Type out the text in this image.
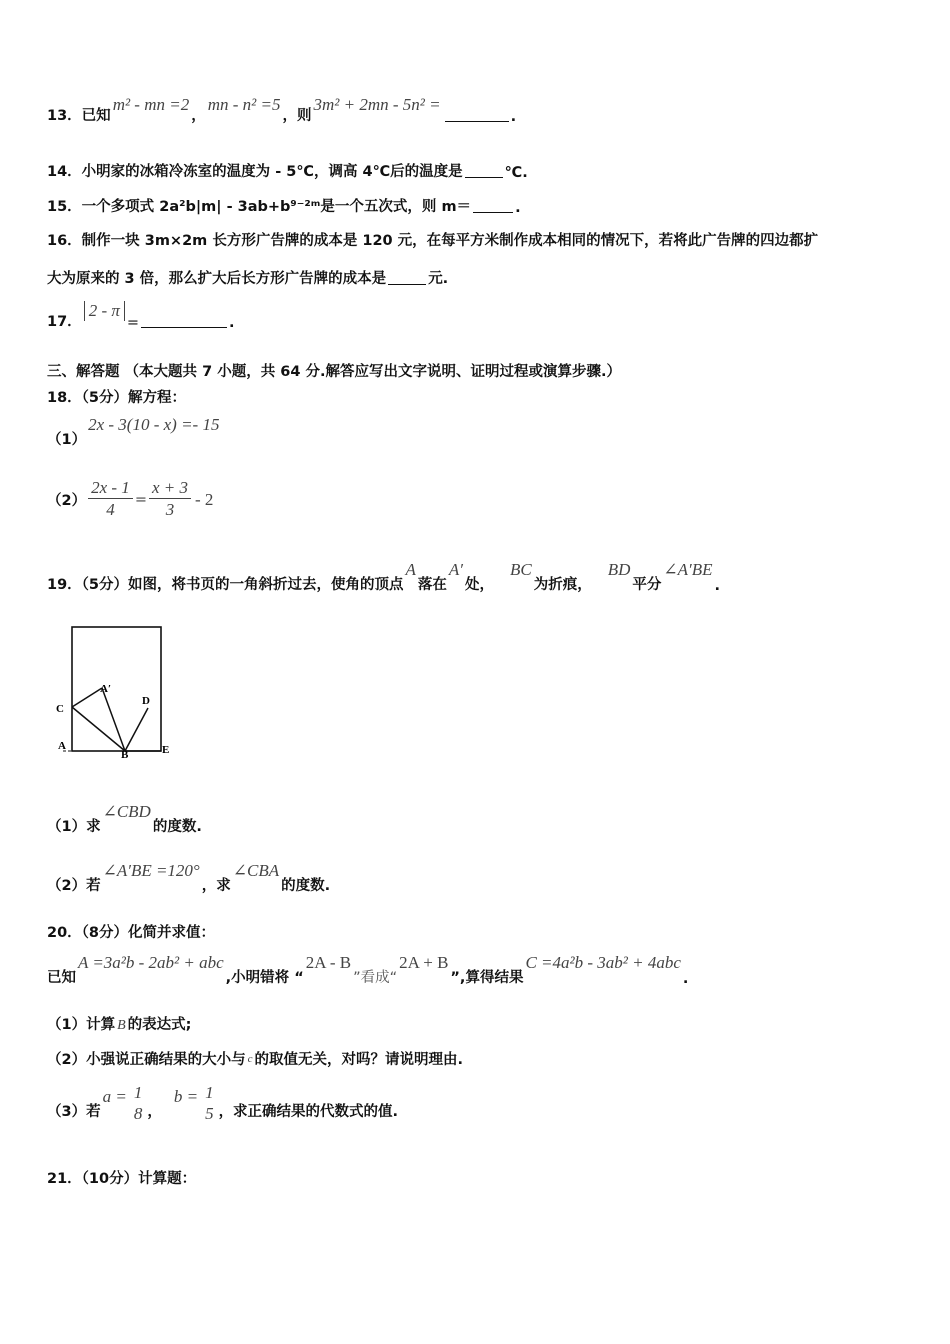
13．已知
m² - mn =2
，
mn - n² =5
，则
3m² + 2mn - 5n² =
.
14．小明家的冰箱冷冻室的温度为 - 5℃，调高 4℃后的温度是	℃.
15．一个多项式 2a²b|m| - 3ab+b⁹⁻²ᵐ是一个五次式，则 m＝	.
16．制作一块 3m×2m 长方形广告牌的成本是 120 元，在每平方米制作成本相同的情况下，若将此广告牌的四边都扩
大为原来的 3 倍，那么扩大后长方形广告牌的成本是	元.
17．
2 - π
=	.
三、解答题 （本大题共 7 小题，共 64 分.解答应写出文字说明、证明过程或演算步骤.）
18．（5分）解方程：
（1）
2x - 3(10 - x) =- 15
$(2) \frac{2x - 1}{4} = \frac{x + 3}{3} - 2$
19．（5分）如图，将书页的一角斜折过去，使角的顶点
A
落在
A′
处，
BC
为折痕，
BD
平分
∠A′BE
.
C
A′
D
A
B	E
（1）求
∠CBD
的度数.
（2）若
∠A′BE =120°
，求
∠CBA
的度数.
20．（8分）化简并求值：
已知
A =3a²b - 2ab² + abc
,小明错将 “
2A - B
”看成“
2A + B
”,算得结果
C =4a²b - 3ab² + 4abc
.
（1）计算 B 的表达式;
（2）小强说正确结果的大小与 c 的取值无关，对吗？请说明理由.
（3）若
a = 1
8 ，
b = 1
5 ，求正确结果的代数式的值.
21．（10分）计算题：
